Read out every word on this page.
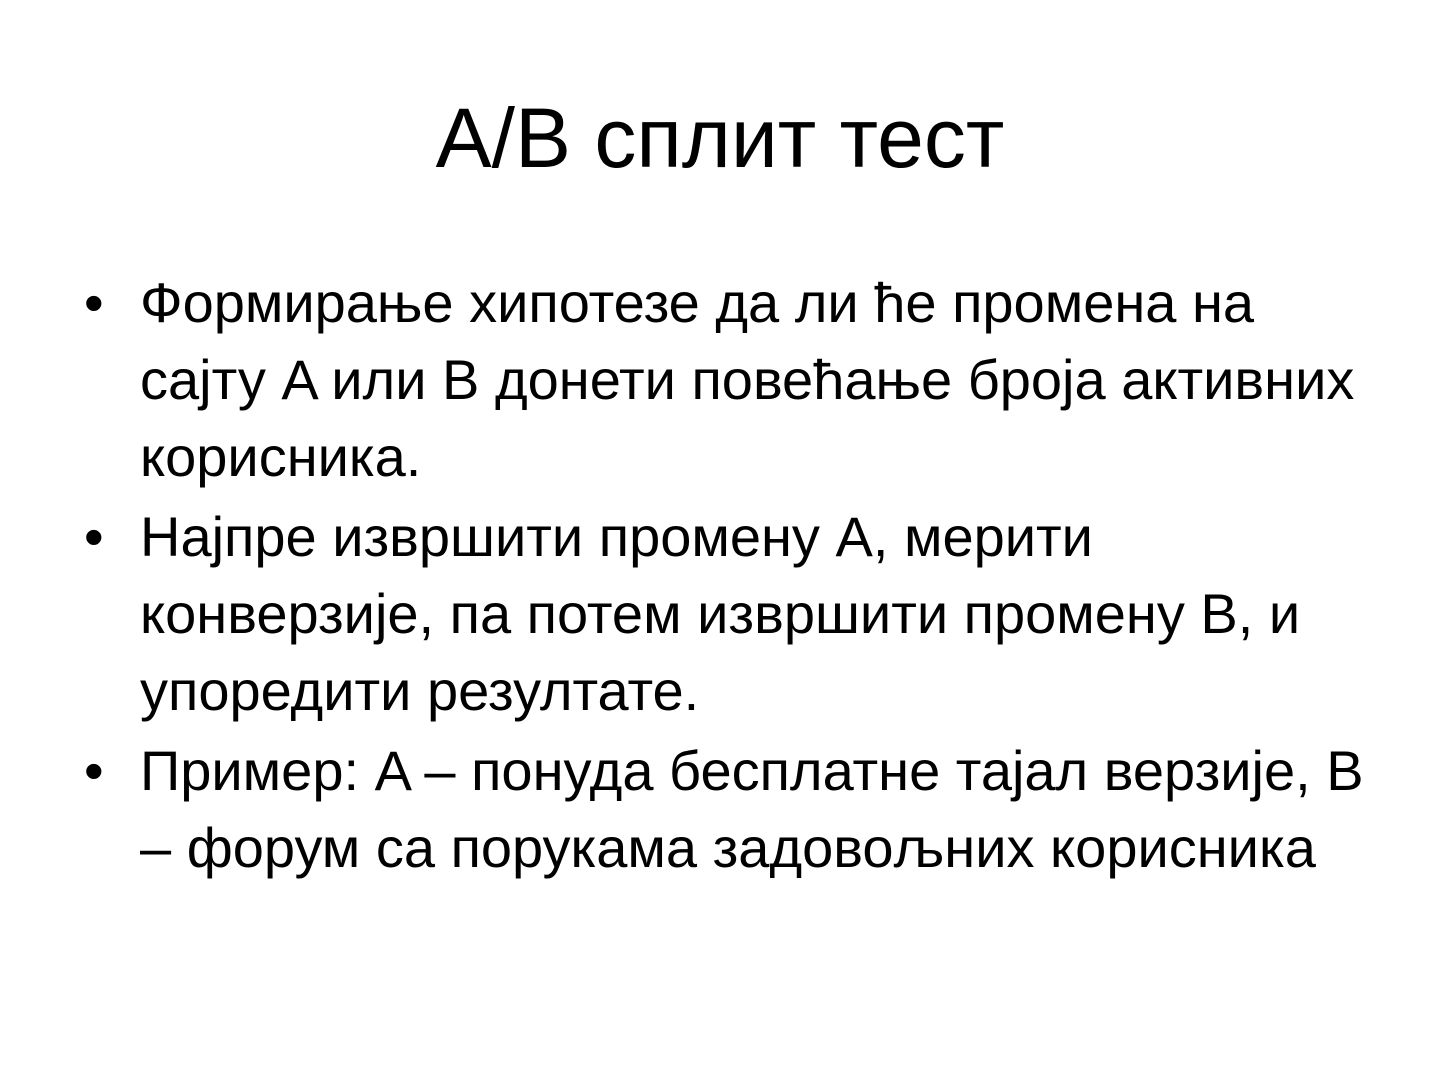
A/B сплит тест
• Формирање хипотезе да ли ће промена на сајту A или B донети повећање броја активних корисника.
• Најпре извршити промену A, мерити конверзије, па потем извршити промену B, и упоредити резултате.
• Пример: A – понуда бесплатне тајал верзије, B – форум са порукама задовољних корисника
